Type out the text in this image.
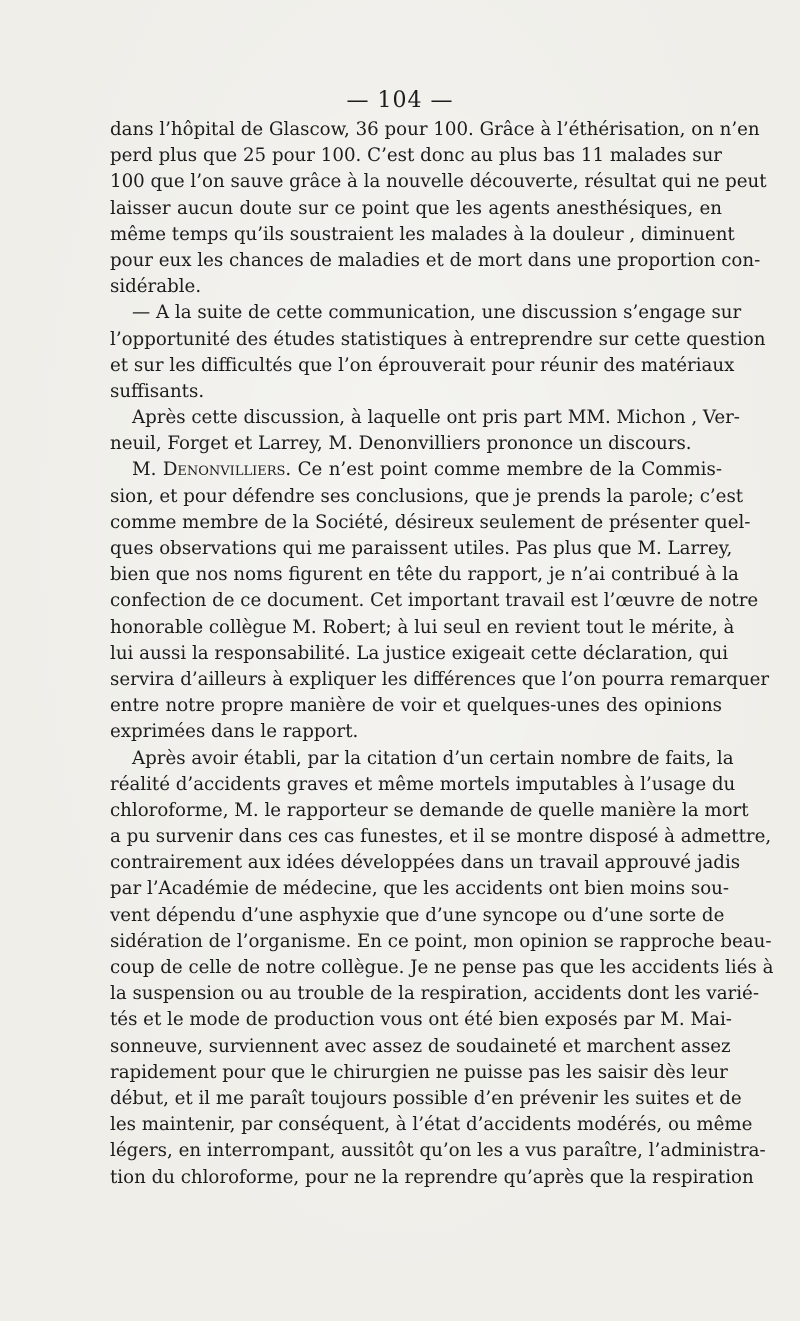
— 104 —
dans l’hôpital de Glascow, 36 pour 100. Grâce à l’éthérisation, on n’en
perd plus que 25 pour 100. C’est donc au plus bas 11 malades sur
100 que l’on sauve grâce à la nouvelle découverte, résultat qui ne peut
laisser aucun doute sur ce point que les agents anesthésiques, en
même temps qu’ils soustraient les malades à la douleur , diminuent
pour eux les chances de maladies et de mort dans une proportion con-
sidérable.
— A la suite de cette communication, une discussion s’engage sur
l’opportunité des études statistiques à entreprendre sur cette question
et sur les difficultés que l’on éprouverait pour réunir des matériaux
suffisants.
Après cette discussion, à laquelle ont pris part MM. Michon , Ver-
neuil, Forget et Larrey, M. Denonvilliers prononce un discours.
M. Denonvilliers. Ce n’est point comme membre de la Commis-
sion, et pour défendre ses conclusions, que je prends la parole; c’est
comme membre de la Société, désireux seulement de présenter quel-
ques observations qui me paraissent utiles. Pas plus que M. Larrey,
bien que nos noms figurent en tête du rapport, je n’ai contribué à la
confection de ce document. Cet important travail est l’œuvre de notre
honorable collègue M. Robert; à lui seul en revient tout le mérite, à
lui aussi la responsabilité. La justice exigeait cette déclaration, qui
servira d’ailleurs à expliquer les différences que l’on pourra remarquer
entre notre propre manière de voir et quelques-unes des opinions
exprimées dans le rapport.
Après avoir établi, par la citation d’un certain nombre de faits, la
réalité d’accidents graves et même mortels imputables à l’usage du
chloroforme, M. le rapporteur se demande de quelle manière la mort
a pu survenir dans ces cas funestes, et il se montre disposé à admettre,
contrairement aux idées développées dans un travail approuvé jadis
par l’Académie de médecine, que les accidents ont bien moins sou-
vent dépendu d’une asphyxie que d’une syncope ou d’une sorte de
sidération de l’organisme. En ce point, mon opinion se rapproche beau-
coup de celle de notre collègue. Je ne pense pas que les accidents liés à
la suspension ou au trouble de la respiration, accidents dont les varié-
tés et le mode de production vous ont été bien exposés par M. Mai-
sonneuve, surviennent avec assez de soudaineté et marchent assez
rapidement pour que le chirurgien ne puisse pas les saisir dès leur
début, et il me paraît toujours possible d’en prévenir les suites et de
les maintenir, par conséquent, à l’état d’accidents modérés, ou même
légers, en interrompant, aussitôt qu’on les a vus paraître, l’administra-
tion du chloroforme, pour ne la reprendre qu’après que la respiration
